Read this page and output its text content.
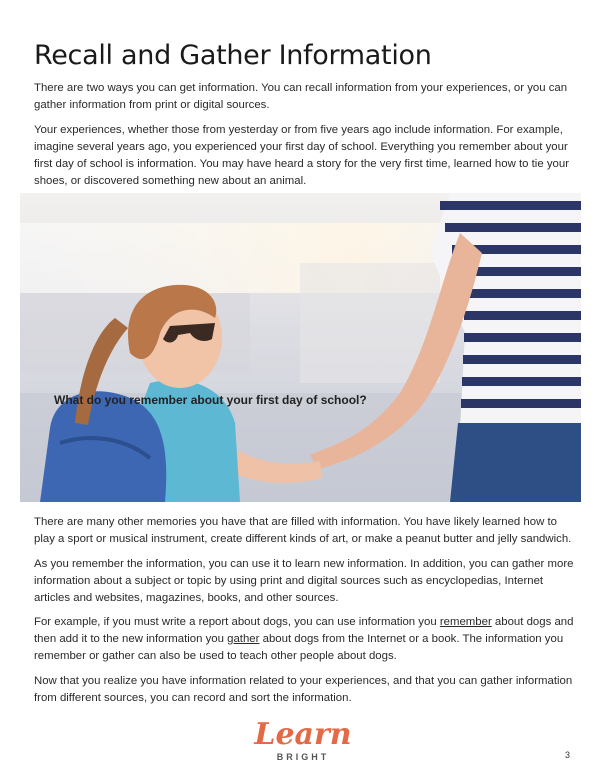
Recall and Gather Information

There are two ways you can get information. You can recall information from your experiences, or you can gather information from print or digital sources.

Your experiences, whether those from yesterday or from five years ago include information. For example, imagine several years ago, you experienced your first day of school. Everything you remember about your first day of school is information. You may have heard a story for the very first time, learned how to tie your shoes, or discovered something new about an animal.

What do you remember about your first day of school?

There are many other memories you have that are filled with information. You have likely learned how to play a sport or musical instrument, create different kinds of art, or make a peanut butter and jelly sandwich.

As you remember the information, you can use it to learn new information. In addition, you can gather more information about a subject or topic by using print and digital sources such as encyclopedias, Internet articles and websites, magazines, books, and other sources.

For example, if you must write a report about dogs, you can use information you remember about dogs and then add it to the new information you gather about dogs from the Internet or a book. The information you remember or gather can also be used to teach other people about dogs.

Now that you realize you have information related to your experiences, and that you can gather information from different sources, you can record and sort the information.

Learn
BRIGHT	3
